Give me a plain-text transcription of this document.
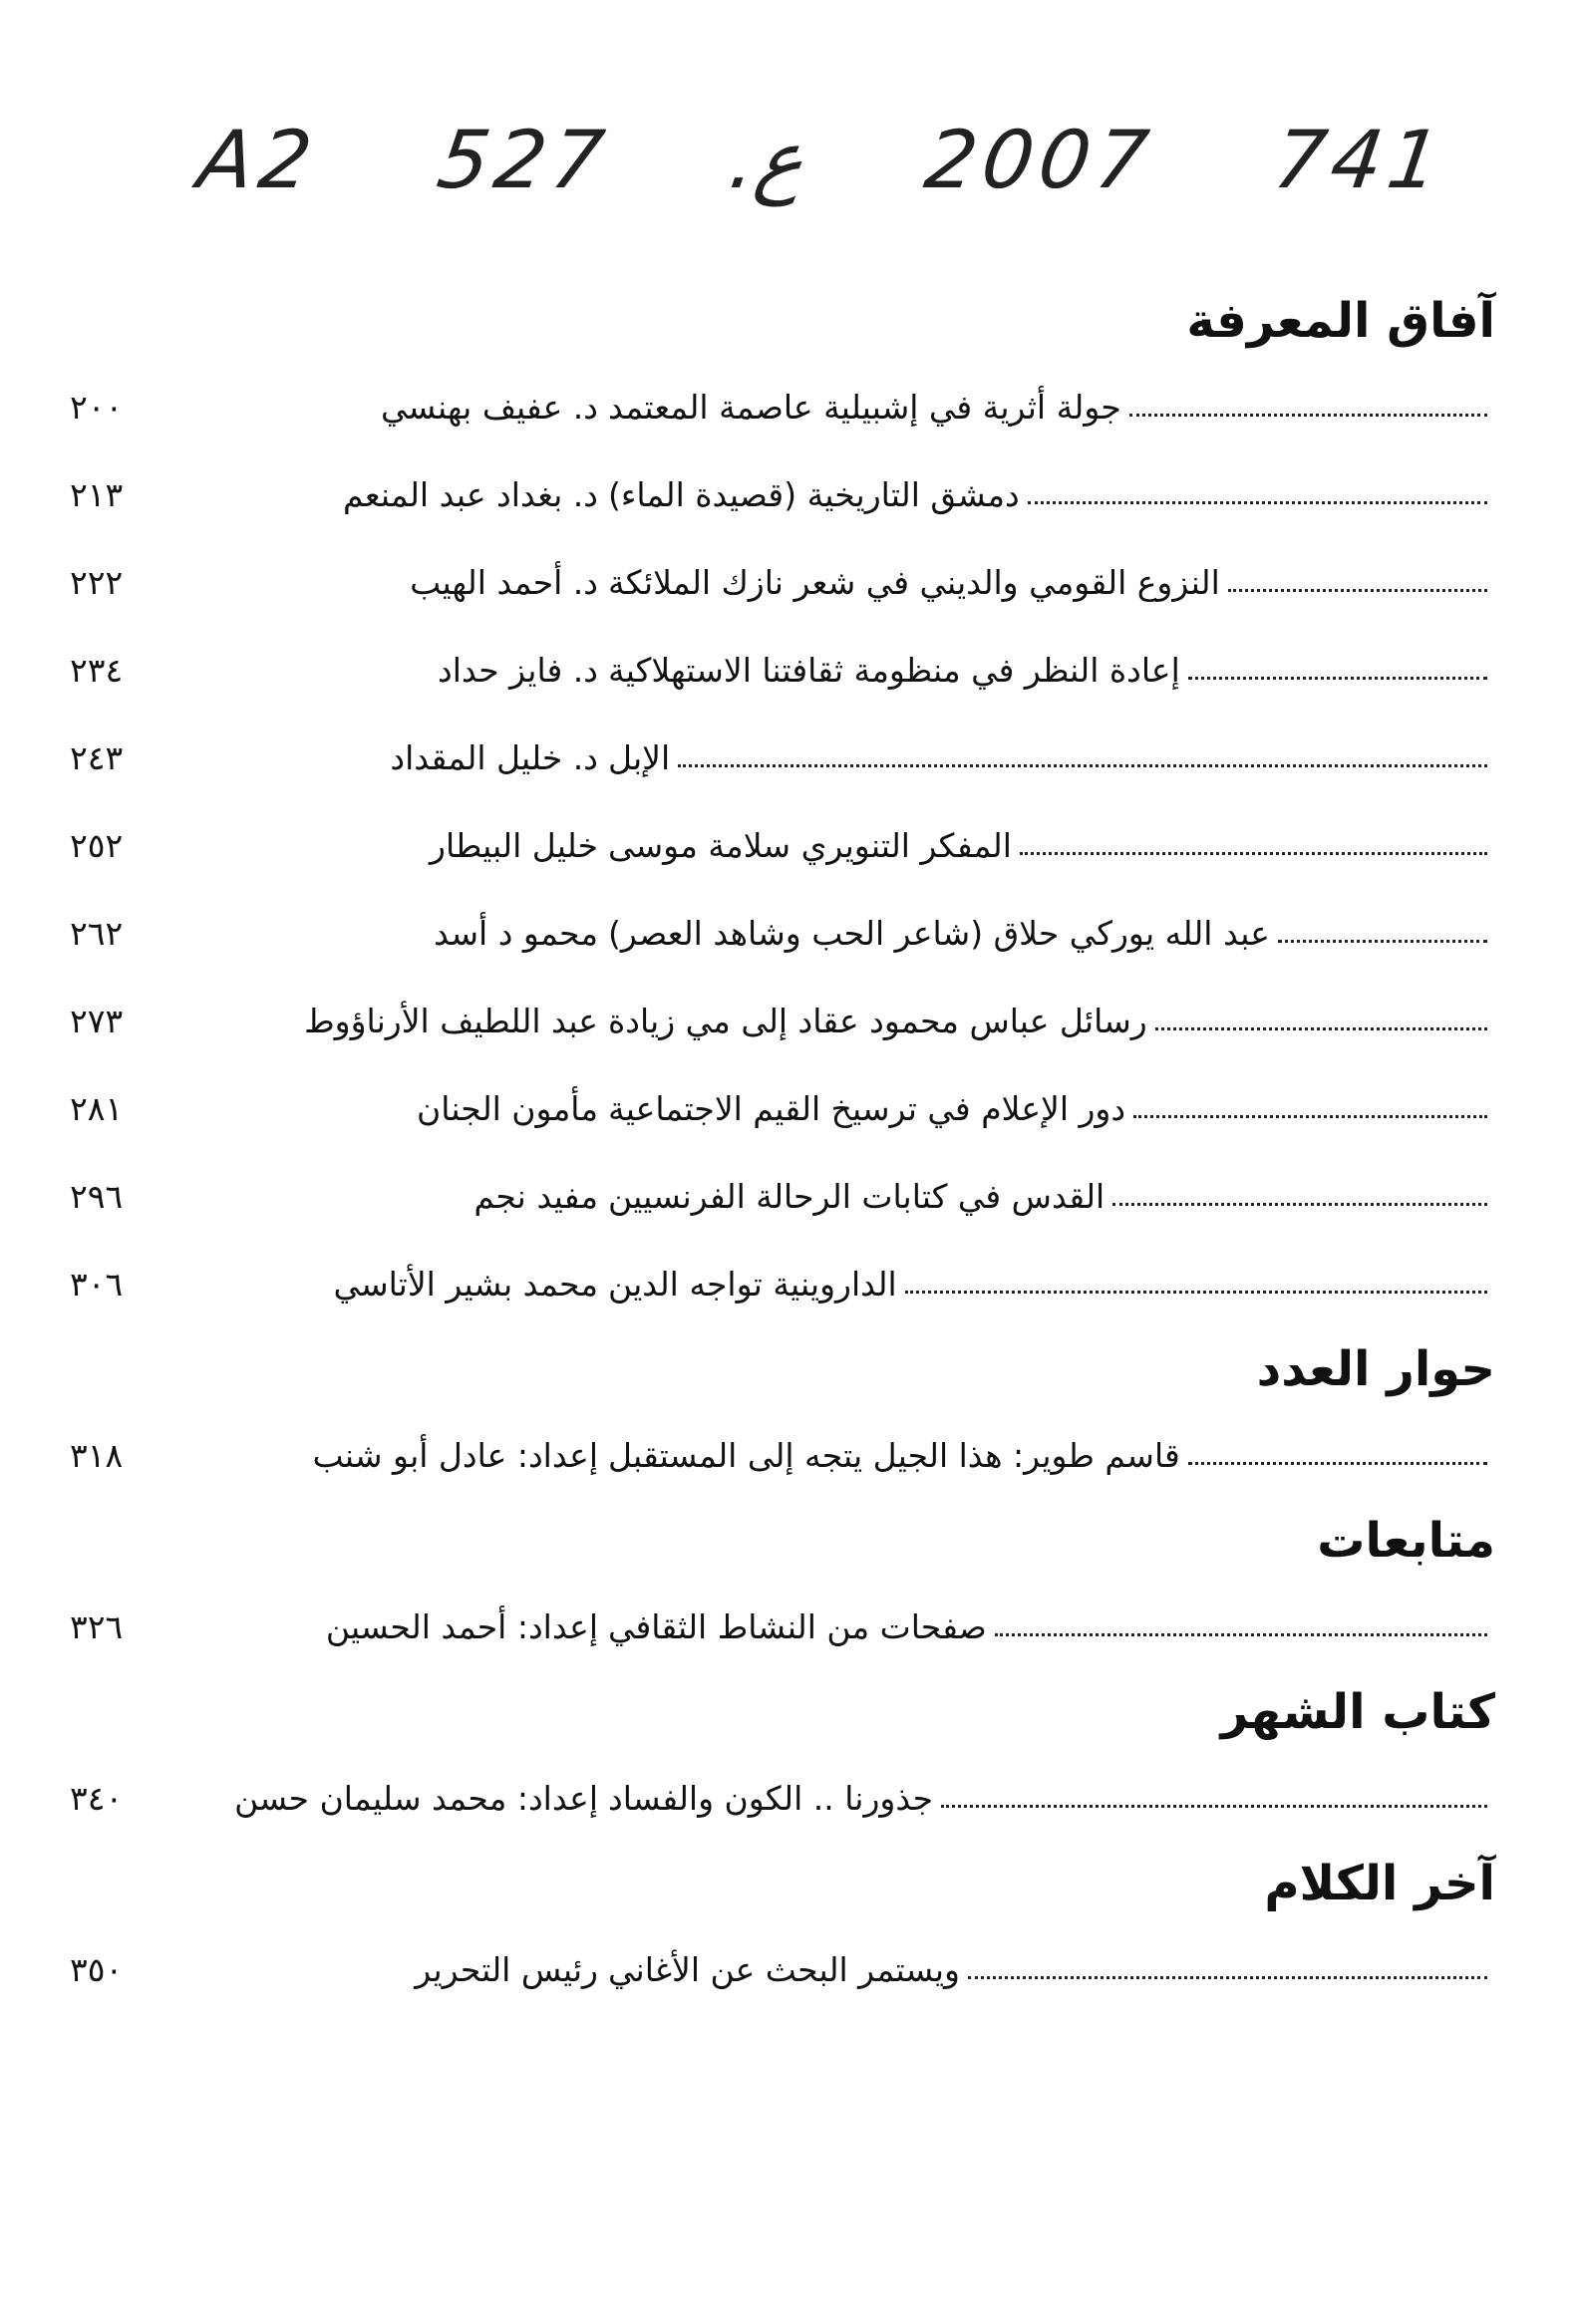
A2 527 .ع 2007 741
آفاق المعرفة
جولة أثرية في إشبيلية عاصمة المعتمد
د. عفيف بهنسي
٢٠٠
دمشق التاريخية (قصيدة الماء)
د. بغداد عبد المنعم
٢١٣
النزوع القومي والديني في شعر نازك الملائكة
د. أحمد الهيب
٢٢٢
إعادة النظر في منظومة ثقافتنا الاستهلاكية
د. فايز حداد
٢٣٤
الإبل
د. خليل المقداد
٢٤٣
المفكر التنويري سلامة موسى
خليل البيطار
٢٥٢
عبد الله يوركي حلاق (شاعر الحب وشاهد العصر)
محمو د أسد
٢٦٢
رسائل عباس محمود عقاد إلى مي زيادة
عبد اللطيف الأرناؤوط
٢٧٣
دور الإعلام في ترسيخ القيم الاجتماعية
مأمون الجنان
٢٨١
القدس في كتابات الرحالة الفرنسيين
مفيد نجم
٢٩٦
الداروينية تواجه الدين
محمد بشير الأتاسي
٣٠٦
حوار العدد
قاسم طوير: هذا الجيل يتجه إلى المستقبل
إعداد: عادل أبو شنب
٣١٨
متابعات
صفحات من النشاط الثقافي
إعداد: أحمد الحسين
٣٢٦
كتاب الشهر
جذورنا .. الكون والفساد
إعداد: محمد سليمان حسن
٣٤٠
آخر الكلام
ويستمر البحث عن الأغاني
رئيس التحرير
٣٥٠
